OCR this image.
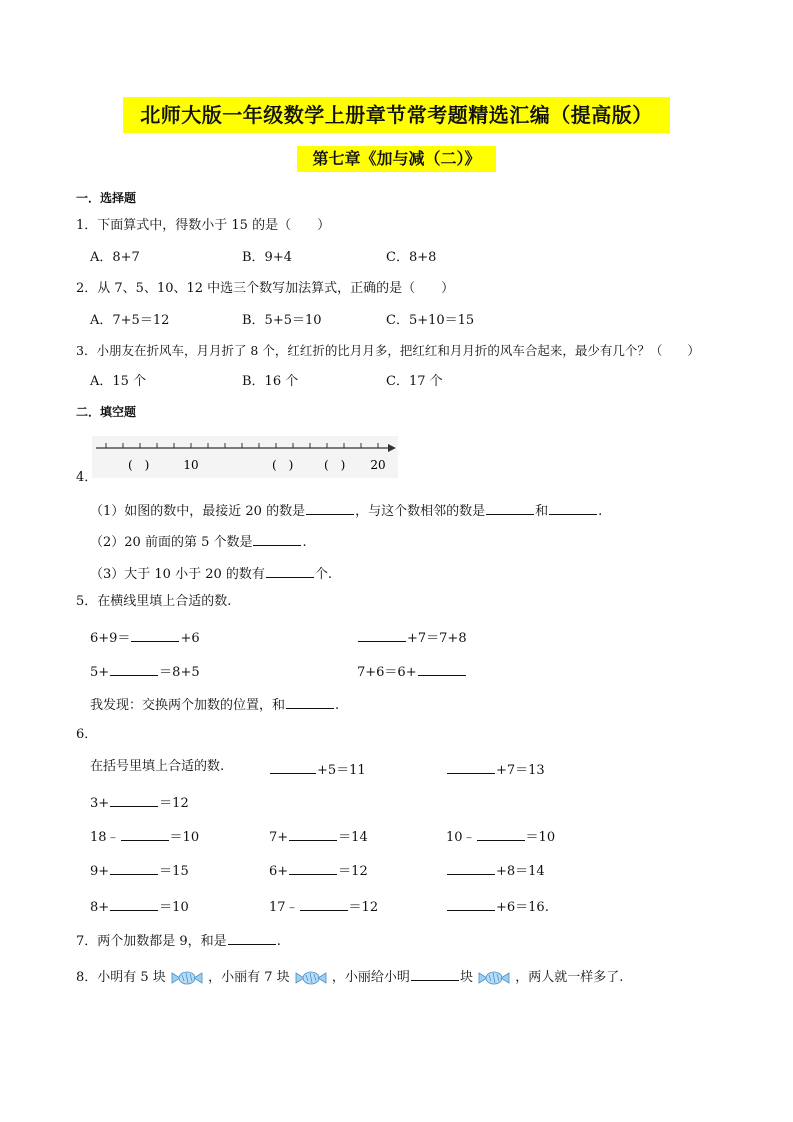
北师大版一年级数学上册章节常考题精选汇编（提高版）
第七章《加与减（二）》
一．选择题
1．下面算式中，得数小于 15 的是（　　）
A．8+7	B．9+4	C．8+8
2．从 7、5、10、12 中选三个数写加法算式，正确的是（　　）
A．7+5＝12	B．5+5＝10	C．5+10＝15
3．小朋友在折风车，月月折了 8 个，红红折的比月月多，把红红和月月折的风车合起来，最少有几个？（　　）
A．15 个	B．16 个	C．17 个
二．填空题
(　)	10	(　)	(　) 20
4．
（1）如图的数中，最接近 20 的数是	，与这个数相邻的数是	和	.
（2）20 前面的第 5 个数是	.
（3）大于 10 小于 20 的数有	个.
5．在横线里填上合适的数.
6+9＝	+6	+7＝7+8
5+	＝8+5	7+6＝6+
我发现：交换两个加数的位置，和	.
6．
在括号里填上合适的数.	+5＝11	+7＝13
3+	＝12
18﹣	＝10	7+	＝14	10﹣	＝10
9+	＝15	6+	＝12	+8＝14
8+	＝10	17﹣	＝12	+6＝16.
7．两个加数都是 9，和是	.
8．小明有 5 块	，小丽有 7 块	，小丽给小明	块	，两人就一样多了.
